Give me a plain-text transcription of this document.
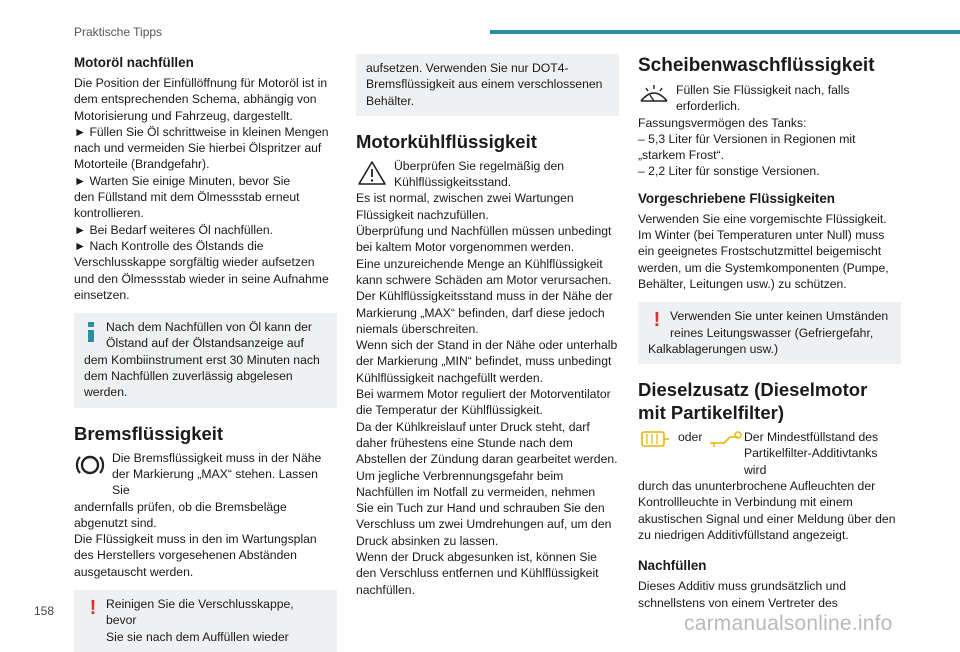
Praktische Tipps
Motoröl nachfüllen

Die Position der Einfüllöffnung für Motoröl ist in

dem entsprechenden Schema, abhängig von

Motorisierung und Fahrzeug, dargestellt.

► Füllen Sie Öl schrittweise in kleinen Mengen

nach und vermeiden Sie hierbei Ölspritzer auf

Motorteile (Brandgefahr).

► Warten Sie einige Minuten, bevor Sie

den Füllstand mit dem Ölmessstab erneut

kontrollieren.

► Bei Bedarf weiteres Öl nachfüllen.

► Nach Kontrolle des Ölstands die

Verschlusskappe sorgfältig wieder aufsetzen

und den Ölmessstab wieder in seine Aufnahme

einsetzen.

Nach dem Nachfüllen von Öl kann der

Ölstand auf der Ölstandsanzeige auf

dem Kombiinstrument erst 30 Minuten nach

dem Nachfüllen zuverlässig abgelesen

werden.

Bremsflüssigkeit

Die Bremsflüssigkeit muss in der Nähe

der Markierung „MAX“ stehen. Lassen Sie

andernfalls prüfen, ob die Bremsbeläge

abgenutzt sind.

Die Flüssigkeit muss in den im Wartungsplan

des Herstellers vorgesehenen Abständen

ausgetauscht werden.

! Reinigen Sie die Verschlusskappe, bevor

Sie sie nach dem Auffüllen wieder

aufsetzen. Verwenden Sie nur DOT4-

Bremsflüssigkeit aus einem verschlossenen

Behälter.

Motorkühlflüssigkeit

Überprüfen Sie regelmäßig den

Kühlflüssigkeitsstand.

Es ist normal, zwischen zwei Wartungen

Flüssigkeit nachzufüllen.

Überprüfung und Nachfüllen müssen unbedingt

bei kaltem Motor vorgenommen werden.

Eine unzureichende Menge an Kühlflüssigkeit

kann schwere Schäden am Motor verursachen.

Der Kühlflüssigkeitsstand muss in der Nähe der

Markierung „MAX“ befinden, darf diese jedoch

niemals überschreiten.

Wenn sich der Stand in der Nähe oder unterhalb

der Markierung „MIN“ befindet, muss unbedingt

Kühlflüssigkeit nachgefüllt werden.

Bei warmem Motor reguliert der Motorventilator

die Temperatur der Kühlflüssigkeit.

Da der Kühlkreislauf unter Druck steht, darf

daher frühestens eine Stunde nach dem

Abstellen der Zündung daran gearbeitet werden.

Um jegliche Verbrennungsgefahr beim

Nachfüllen im Notfall zu vermeiden, nehmen

Sie ein Tuch zur Hand und schrauben Sie den

Verschluss um zwei Umdrehungen auf, um den

Druck absinken zu lassen.

Wenn der Druck abgesunken ist, können Sie

den Verschluss entfernen und Kühlflüssigkeit

nachfüllen.

Scheibenwaschflüssigkeit

Füllen Sie Flüssigkeit nach, falls

erforderlich.

Fassungsvermögen des Tanks:

– 5,3 Liter für Versionen in Regionen mit

„starkem Frost“.

– 2,2 Liter für sonstige Versionen.

Vorgeschriebene Flüssigkeiten

Verwenden Sie eine vorgemischte Flüssigkeit.

Im Winter (bei Temperaturen unter Null) muss

ein geeignetes Frostschutzmittel beigemischt

werden, um die Systemkomponenten (Pumpe,

Behälter, Leitungen usw.) zu schützen.

! Verwenden Sie unter keinen Umständen

reines Leitungswasser (Gefriergefahr,

Kalkablagerungen usw.)

Dieselzusatz (Dieselmotor
mit Partikelfilter)
oder	Der Mindestfüllstand des

Partikelfilter-Additivtanks wird

durch das ununterbrochene Aufleuchten der

Kontrollleuchte in Verbindung mit einem

akustischen Signal und einer Meldung über den

zu niedrigen Additivfüllstand angezeigt.

Nachfüllen

Dieses Additiv muss grundsätzlich und

schnellstens von einem Vertreter des

158
carmanualsonline.info
